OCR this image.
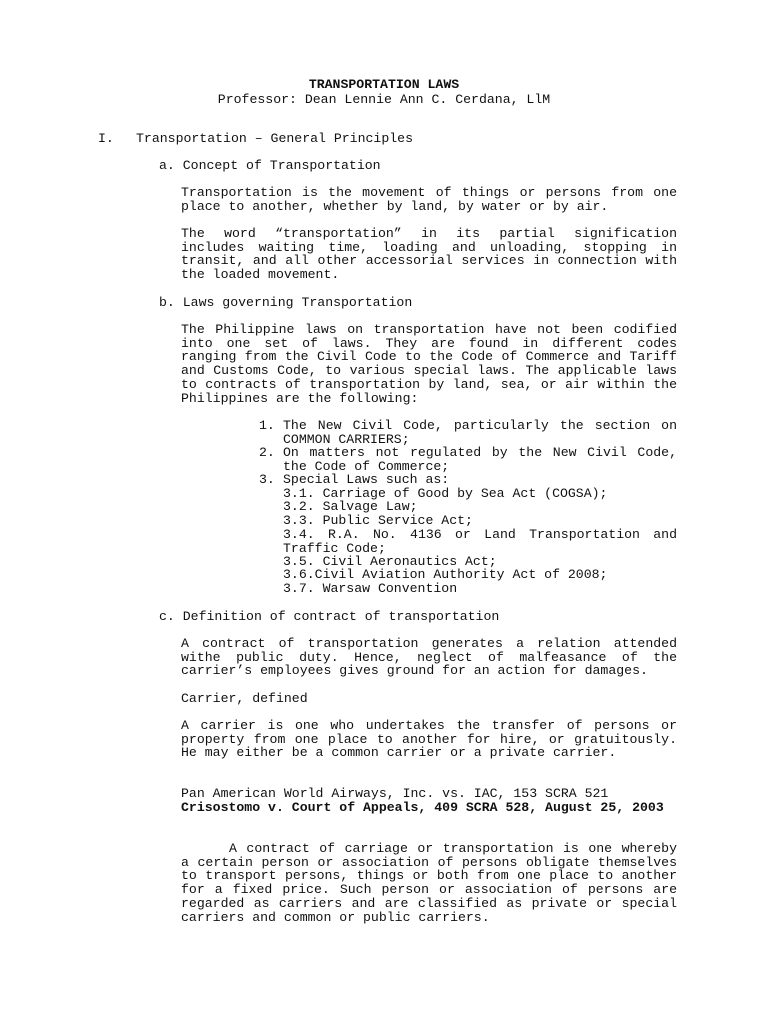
TRANSPORTATION LAWS
Professor: Dean Lennie Ann C. Cerdana, LlM
I. Transportation – General Principles
a. Concept of Transportation
Transportation is the movement of things or persons from one place to another, whether by land, by water or by air.
The word “transportation” in its partial signification includes waiting time, loading and unloading, stopping in transit, and all other accessorial services in connection with the loaded movement.
b. Laws governing Transportation
The Philippine laws on transportation have not been codified into one set of laws. They are found in different codes ranging from the Civil Code to the Code of Commerce and Tariff and Customs Code, to various special laws. The applicable laws to contracts of transportation by land, sea, or air within the Philippines are the following:
1. The New Civil Code, particularly the section on COMMON CARRIERS;
2. On matters not regulated by the New Civil Code, the Code of Commerce;
3. Special Laws such as:
3.1. Carriage of Good by Sea Act (COGSA);
3.2. Salvage Law;
3.3. Public Service Act;
3.4. R.A. No. 4136 or Land Transportation and Traffic Code;
3.5. Civil Aeronautics Act;
3.6.Civil Aviation Authority Act of 2008;
3.7. Warsaw Convention
c. Definition of contract of transportation
A contract of transportation generates a relation attended withe public duty. Hence, neglect of malfeasance of the carrier’s employees gives ground for an action for damages.
Carrier, defined
A carrier is one who undertakes the transfer of persons or property from one place to another for hire, or gratuitously. He may either be a common carrier or a private carrier.
Pan American World Airways, Inc. vs. IAC, 153 SCRA 521
Crisostomo v. Court of Appeals, 409 SCRA 528, August 25, 2003
A contract of carriage or transportation is one whereby a certain person or association of persons obligate themselves to transport persons, things or both from one place to another for a fixed price. Such person or association of persons are regarded as carriers and are classified as private or special carriers and common or public carriers.
